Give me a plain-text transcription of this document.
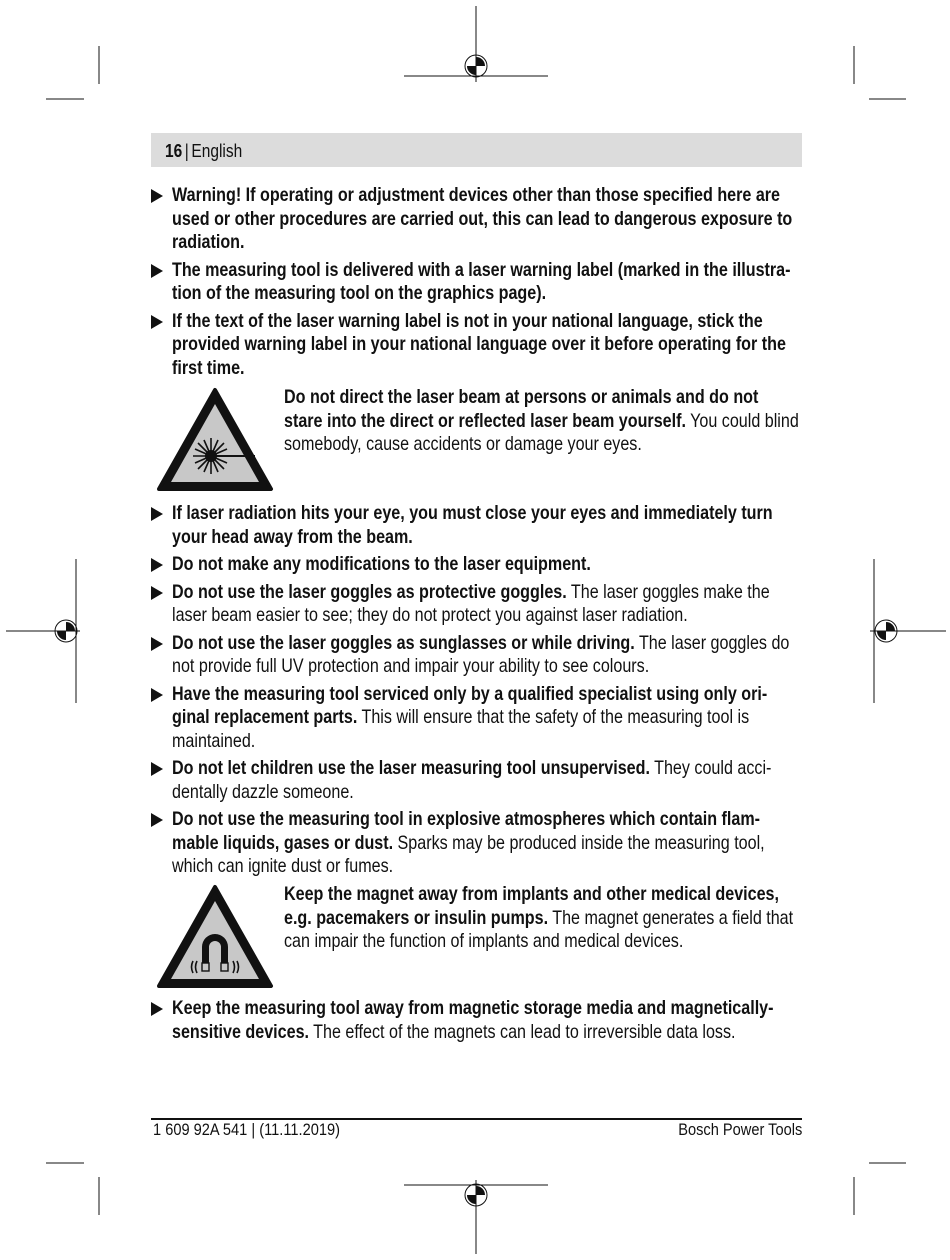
16 | English
Warning! If operating or adjustment devices other than those specified here are used or other procedures are carried out, this can lead to dangerous exposure to radiation.
The measuring tool is delivered with a laser warning label (marked in the illustra-tion of the measuring tool on the graphics page).
If the text of the laser warning label is not in your national language, stick the provided warning label in your national language over it before operating for the first time.
Do not direct the laser beam at persons or animals and do not stare into the direct or reflected laser beam yourself. You could blind somebody, cause accidents or damage your eyes.
If laser radiation hits your eye, you must close your eyes and immediately turn your head away from the beam.
Do not make any modifications to the laser equipment.
Do not use the laser goggles as protective goggles. The laser goggles make the laser beam easier to see; they do not protect you against laser radiation.
Do not use the laser goggles as sunglasses or while driving. The laser goggles do not provide full UV protection and impair your ability to see colours.
Have the measuring tool serviced only by a qualified specialist using only ori-ginal replacement parts. This will ensure that the safety of the measuring tool is maintained.
Do not let children use the laser measuring tool unsupervised. They could acci-dentally dazzle someone.
Do not use the measuring tool in explosive atmospheres which contain flam-mable liquids, gases or dust. Sparks may be produced inside the measuring tool, which can ignite dust or fumes.
Keep the magnet away from implants and other medical devices, e.g. pacemakers or insulin pumps. The magnet generates a field that can impair the function of implants and medical devices.
Keep the measuring tool away from magnetic storage media and magnetically-sensitive devices. The effect of the magnets can lead to irreversible data loss.
1 609 92A 541 | (11.11.2019)	Bosch Power Tools
